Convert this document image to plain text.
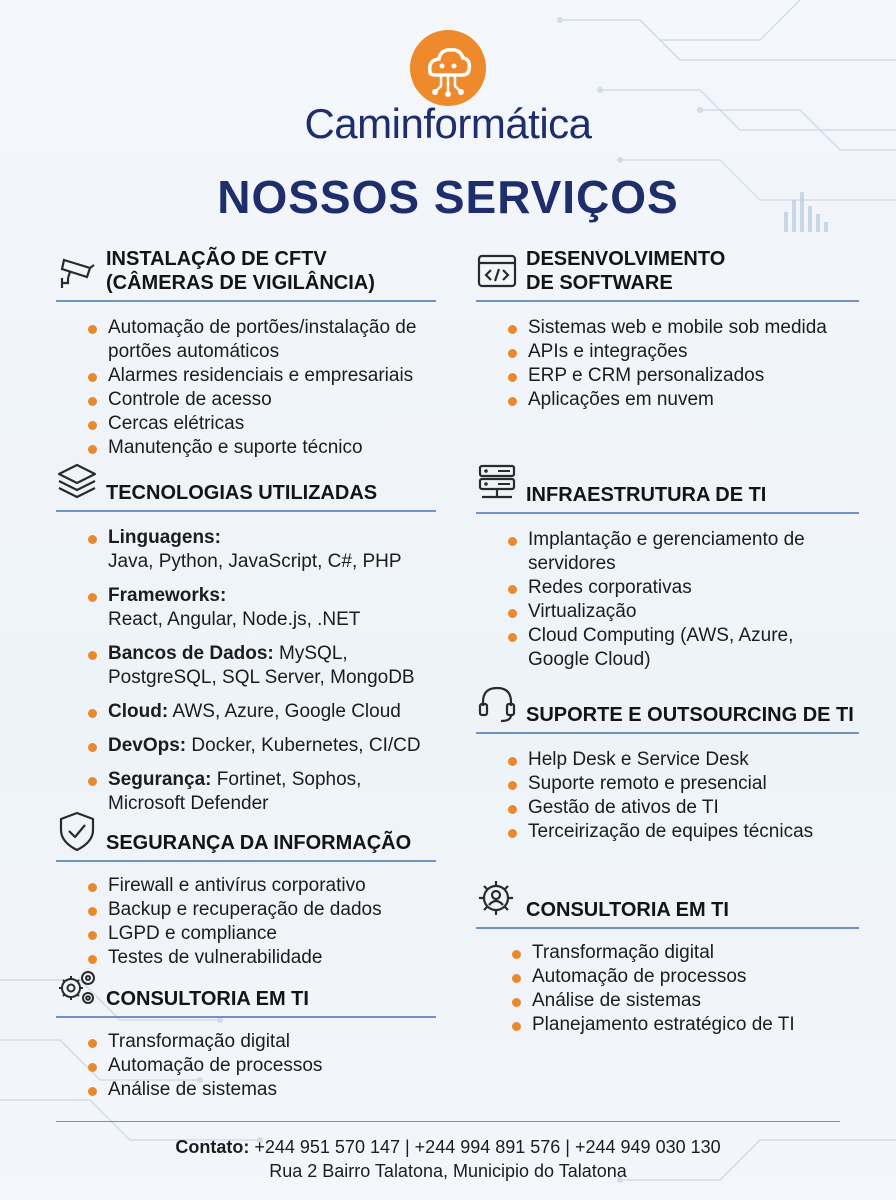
Caminformática
NOSSOS SERVIÇOS
INSTALAÇÃO DE CFTV
(CÂMERAS DE VIGILÂNCIA)
Automação de portões/instalação de portões automáticos
Alarmes residenciais e empresariais
Controle de acesso
Cercas elétricas
Manutenção e suporte técnico
TECNOLOGIAS UTILIZADAS
Linguagens:
Java, Python, JavaScript, C#, PHP
Frameworks:
React, Angular, Node.js, .NET
Bancos de Dados: MySQL, PostgreSQL, SQL Server, MongoDB
Cloud: AWS, Azure, Google Cloud
DevOps: Docker, Kubernetes, CI/CD
Segurança: Fortinet, Sophos, Microsoft Defender
SEGURANÇA DA INFORMAÇÃO
Firewall e antivírus corporativo
Backup e recuperação de dados
LGPD e compliance
Testes de vulnerabilidade
CONSULTORIA EM TI
Transformação digital
Automação de processos
Análise de sistemas
DESENVOLVIMENTO
DE SOFTWARE
Sistemas web e mobile sob medida
APIs e integrações
ERP e CRM personalizados
Aplicações em nuvem
INFRAESTRUTURA DE TI
Implantação e gerenciamento de servidores
Redes corporativas
Virtualização
Cloud Computing (AWS, Azure, Google Cloud)
SUPORTE E OUTSOURCING DE TI
Help Desk e Service Desk
Suporte remoto e presencial
Gestão de ativos de TI
Terceirização de equipes técnicas
CONSULTORIA EM TI
Transformação digital
Automação de processos
Análise de sistemas
Planejamento estratégico de TI
Contato: +244 951 570 147 | +244 994 891 576 | +244 949 030 130
Rua 2 Bairro Talatona, Municipio do Talatona
